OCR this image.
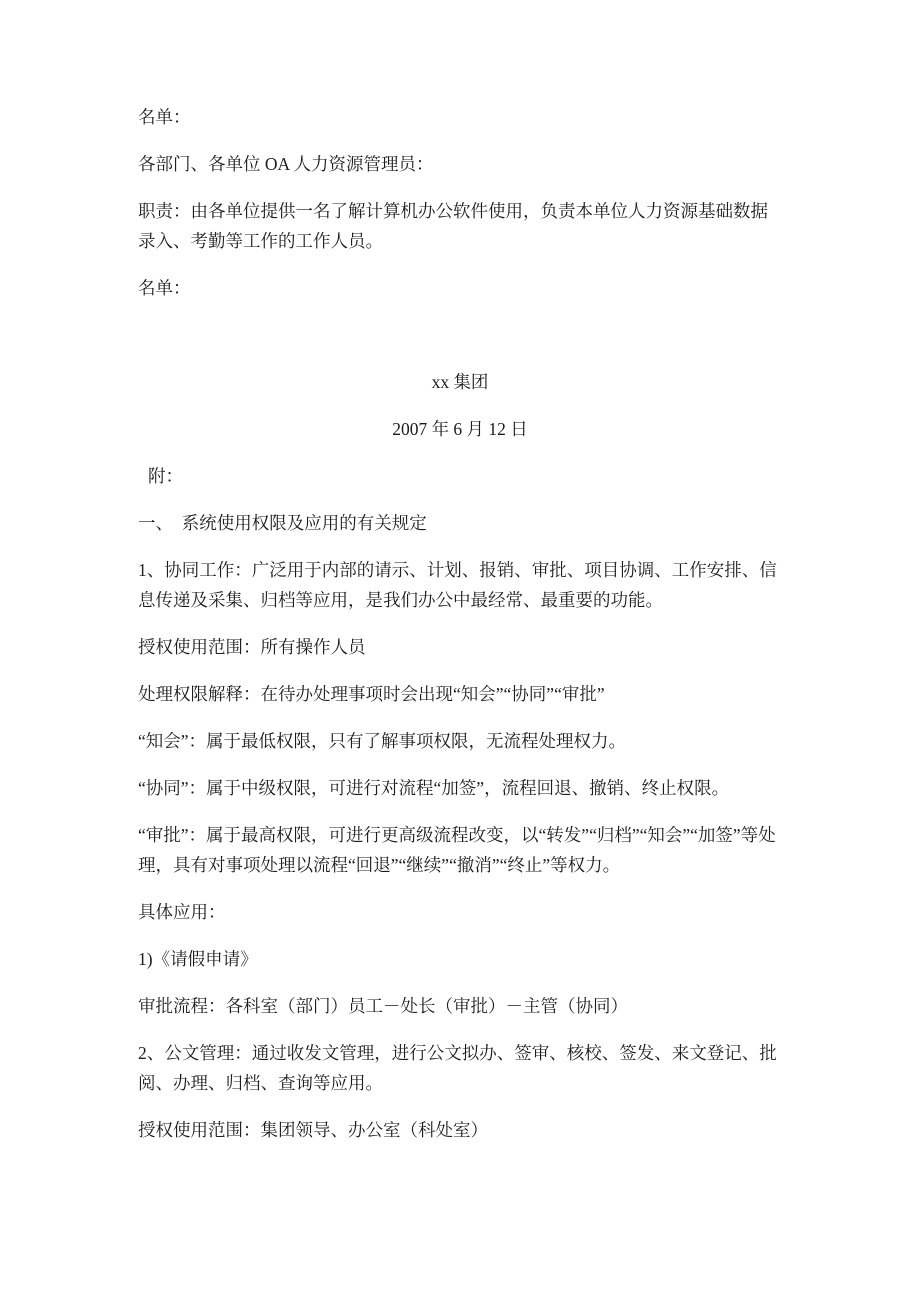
名单：

各部门、各单位 OA 人力资源管理员：

职责：由各单位提供一名了解计算机办公软件使用，负责本单位人力资源基础数据录入、考勤等工作的工作人员。

名单：

xx 集团

2007 年 6 月 12 日

附：

一、　系统使用权限及应用的有关规定

1、协同工作：广泛用于内部的请示、计划、报销、审批、项目协调、工作安排、信息传递及采集、归档等应用，是我们办公中最经常、最重要的功能。

授权使用范围：所有操作人员

处理权限解释：在待办处理事项时会出现“知会”“协同”“审批”

“知会”：属于最低权限，只有了解事项权限，无流程处理权力。

“协同”：属于中级权限，可进行对流程“加签”，流程回退、撤销、终止权限。

“审批”：属于最高权限，可进行更高级流程改变，以“转发”“归档”“知会”“加签”等处理，具有对事项处理以流程“回退”“继续”“撤消”“终止”等权力。

具体应用：

1)《请假申请》

审批流程：各科室（部门）员工－处长（审批）－主管（协同）

2、公文管理：通过收发文管理，进行公文拟办、签审、核校、签发、来文登记、批阅、办理、归档、查询等应用。

授权使用范围：集团领导、办公室（科处室）
